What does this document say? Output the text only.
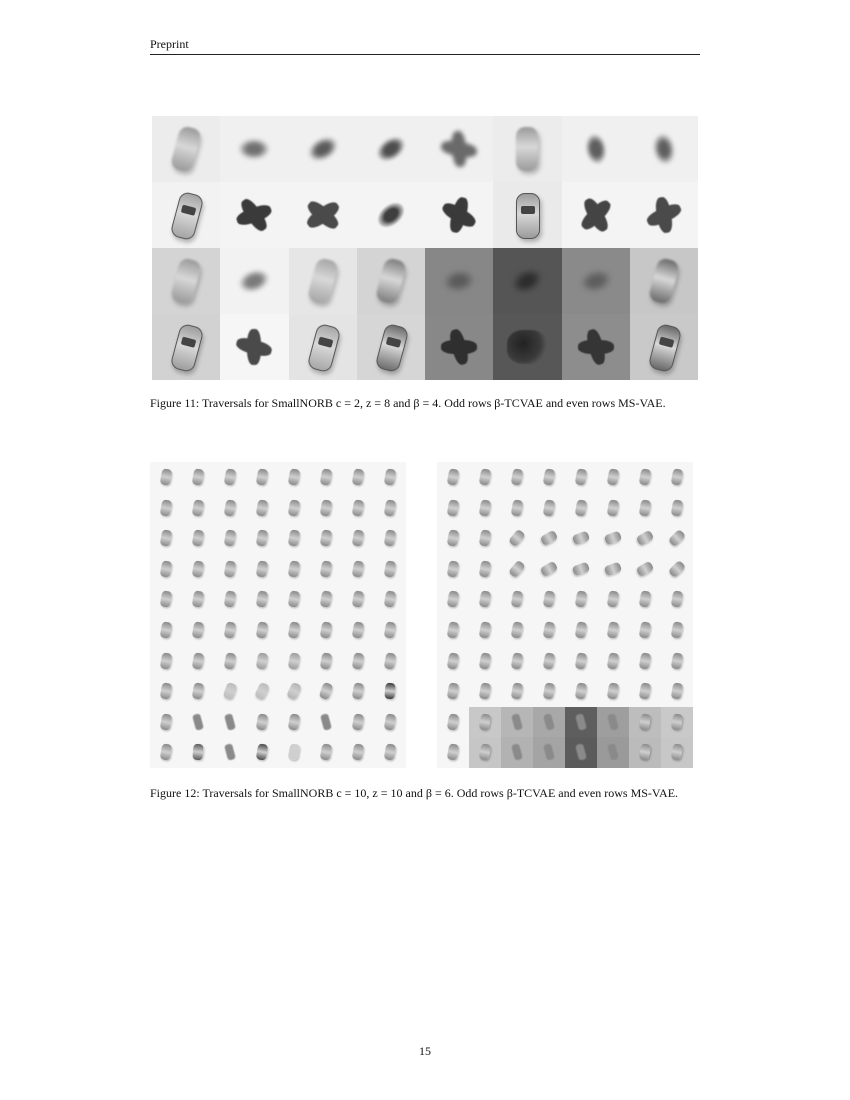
Preprint

Figure 11: Traversals for SmallNORB c = 2, z = 8 and β = 4. Odd rows β-TCVAE and even rows MS-VAE.

Figure 12: Traversals for SmallNORB c = 10, z = 10 and β = 6. Odd rows β-TCVAE and even rows MS-VAE.

15
